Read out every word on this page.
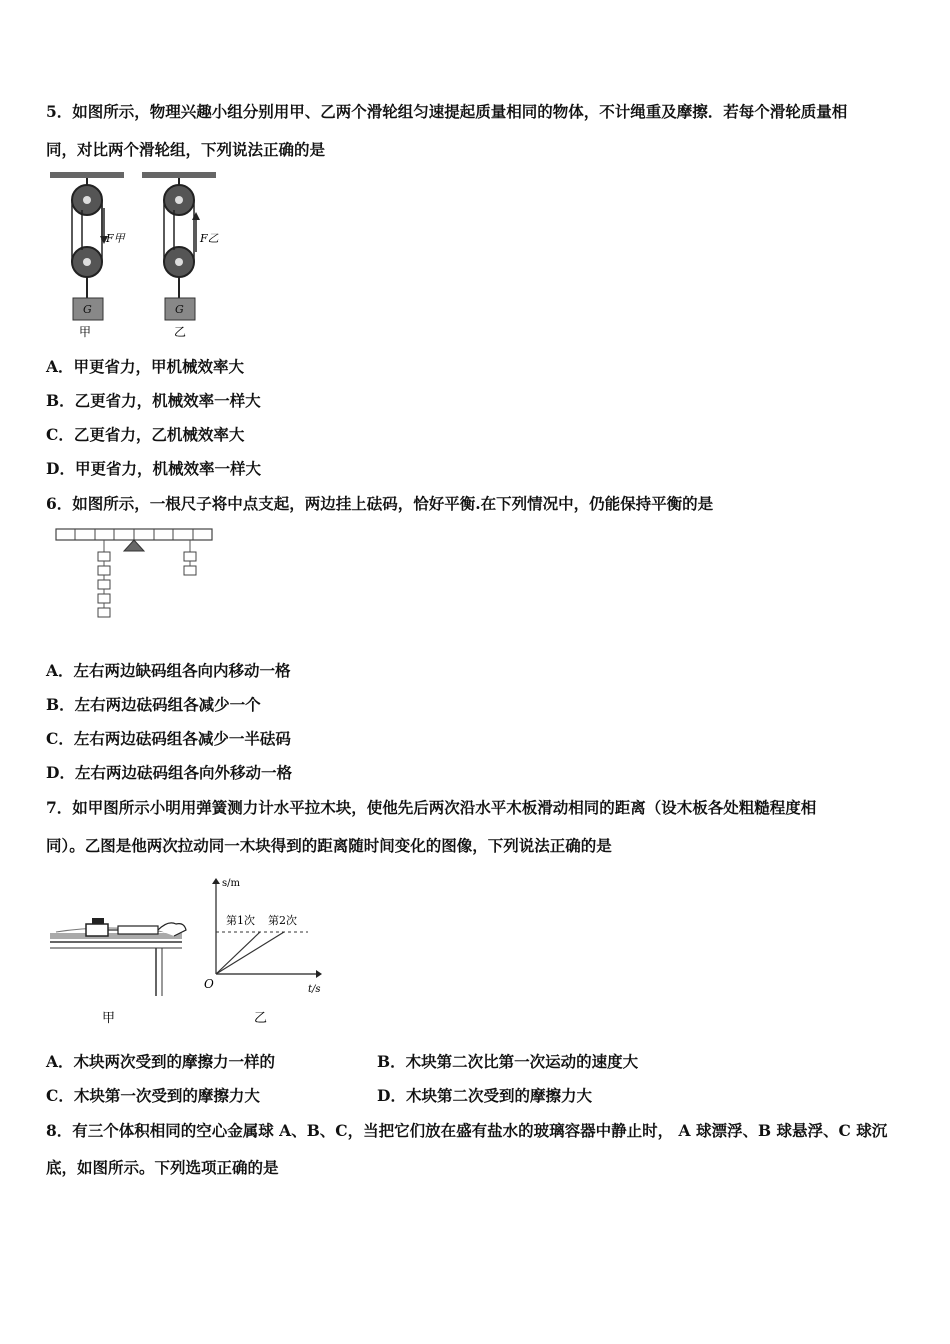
5．如图所示，物理兴趣小组分别用甲、乙两个滑轮组匀速提起质量相同的物体，不计绳重及摩擦．若每个滑轮质量相
同，对比两个滑轮组，下列说法正确的是
F甲
G
甲
F乙
G
乙
A．甲更省力，甲机械效率大
B．乙更省力，机械效率一样大
C．乙更省力，乙机械效率大
D．甲更省力，机械效率一样大
6．如图所示，一根尺子将中点支起，两边挂上砝码，恰好平衡.在下列情况中，仍能保持平衡的是
A．左右两边缺码组各向内移动一格
B．左右两边砝码组各减少一个
C．左右两边砝码组各减少一半砝码
D．左右两边砝码组各向外移动一格
7．如甲图所示小明用弹簧测力计水平拉木块，使他先后两次沿水平木板滑动相同的距离（设木板各处粗糙程度相
同）。乙图是他两次拉动同一木块得到的距离随时间变化的图像，下列说法正确的是
甲
s/m
t/s
O
第1次 第2次
乙
A．木块两次受到的摩擦力一样的	B．木块第二次比第一次运动的速度大
C．木块第一次受到的摩擦力大	D．木块第二次受到的摩擦力大
8．有三个体积相同的空心金属球 A、B、C，当把它们放在盛有盐水的玻璃容器中静止时， A 球漂浮、B 球悬浮、C 球沉
底，如图所示。下列选项正确的是
